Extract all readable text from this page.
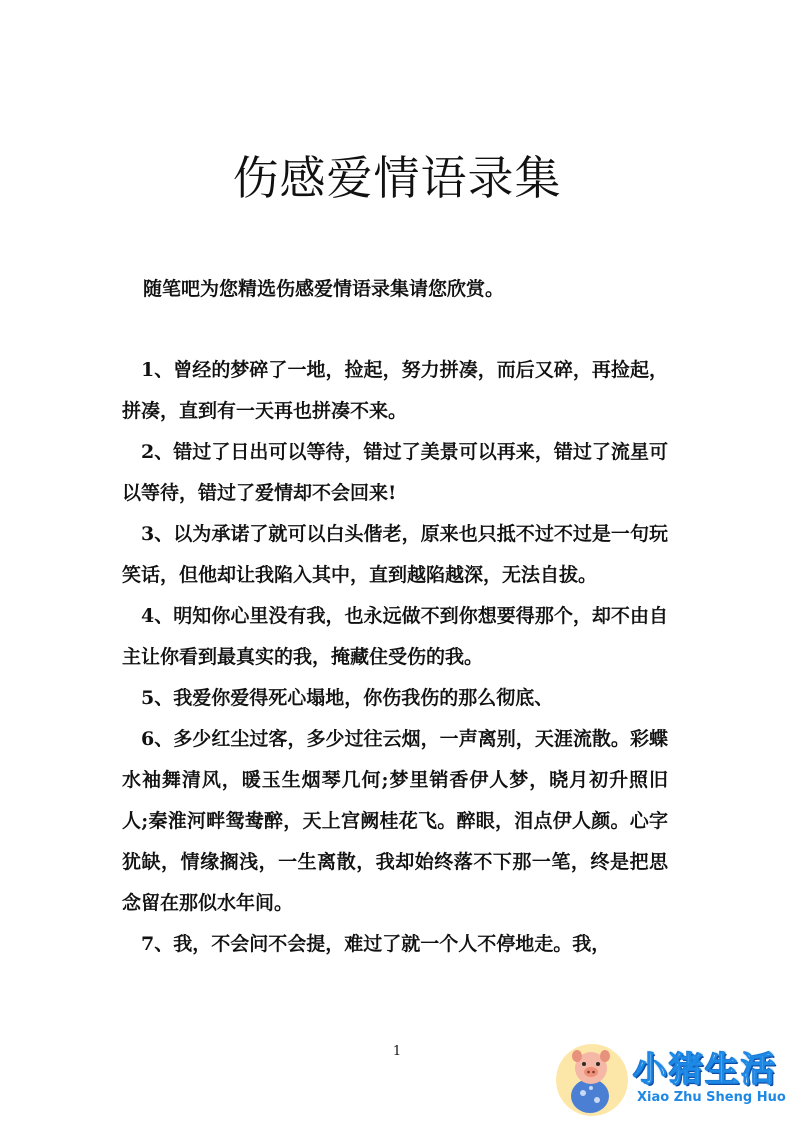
伤感爱情语录集

随笔吧为您精选伤感爱情语录集请您欣赏。

1、曾经的梦碎了一地，捡起，努力拼凑，而后又碎，再捡起，拼凑，直到有一天再也拼凑不来。

2、错过了日出可以等待，错过了美景可以再来，错过了流星可以等待，错过了爱情却不会回来!

3、以为承诺了就可以白头偕老，原来也只抵不过不过是一句玩笑话，但他却让我陷入其中，直到越陷越深，无法自拔。

4、明知你心里没有我，也永远做不到你想要得那个，却不由自主让你看到最真实的我，掩藏住受伤的我。

5、我爱你爱得死心塌地，你伤我伤的那么彻底、

6、多少红尘过客，多少过往云烟，一声离别，天涯流散。彩蝶水袖舞清风，暖玉生烟琴几何;梦里销香伊人梦，晓月初升照旧人;秦淮河畔鸳鸯醉，天上宫阙桂花飞。醉眼，泪点伊人颜。心字犹缺，情缘搁浅，一生离散，我却始终落不下那一笔，终是把思念留在那似水年间。

7、我，不会问不会提，难过了就一个人不停地走。我，

1	小猪生活
Xiao Zhu Sheng Huo
